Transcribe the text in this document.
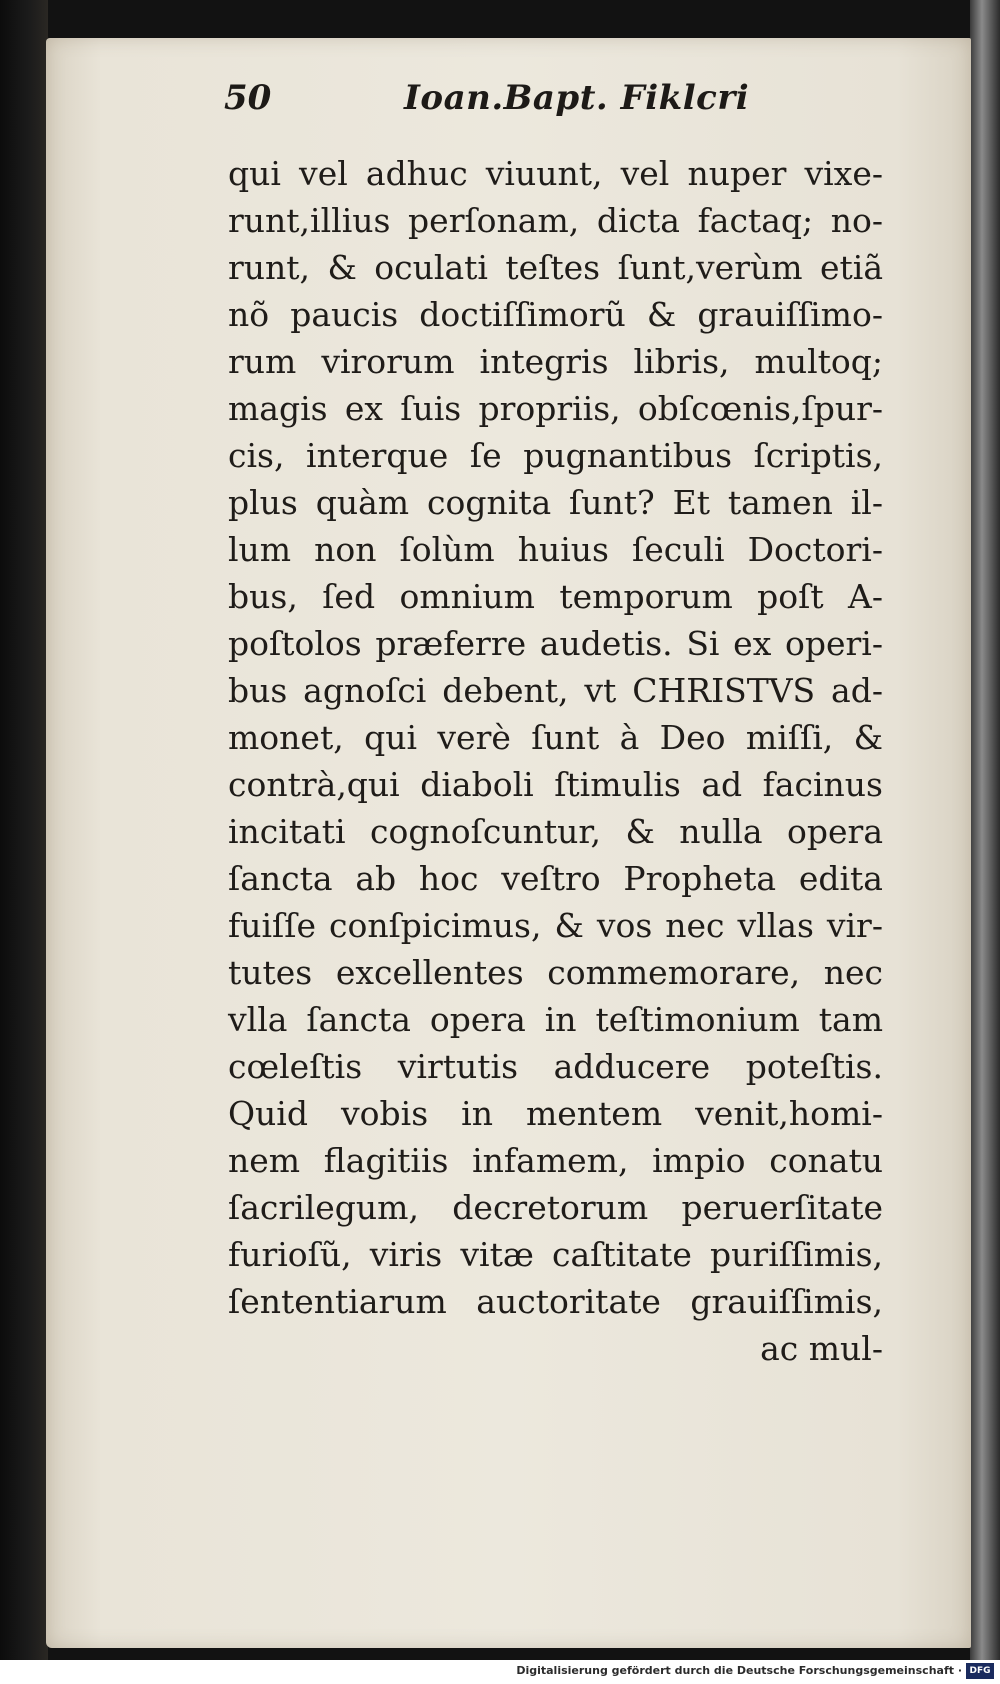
50	Ioan.Bapt. Fiklcri
qui vel adhuc viuunt, vel nuper vixe-
runt,illius perſonam, dicta factaq; no-
runt, & oculati teſtes ſunt,verùm etiã
nõ paucis doctiſſimorũ & grauiſſimo-
rum virorum integris libris, multoq;
magis ex ſuis propriis, obſcœnis,ſpur-
cis, interque ſe pugnantibus ſcriptis,
plus quàm cognita ſunt? Et tamen il-
lum non ſolùm huius ſeculi Doctori-
bus, ſed omnium temporum poſt A-
poſtolos præferre audetis. Si ex operi-
bus agnoſci debent, vt CHRISTVS ad-
monet, qui verè ſunt à Deo miſſi, &
contrà,qui diaboli ſtimulis ad facinus
incitati cognoſcuntur, & nulla opera
ſancta ab hoc veſtro Propheta edita
fuiſſe conſpicimus, & vos nec vllas vir-
tutes excellentes commemorare, nec
vlla ſancta opera in teſtimonium tam
cœleſtis virtutis adducere poteſtis.
Quid vobis in mentem venit,homi-
nem flagitiis infamem, impio conatu
ſacrilegum, decretorum peruerſitate
furioſũ, viris vitæ caſtitate puriſſimis,
ſententiarum auctoritate grauiſſimis,
ac mul-
Digitalisierung gefördert durch die Deutsche Forschungsgemeinschaft · DFG
